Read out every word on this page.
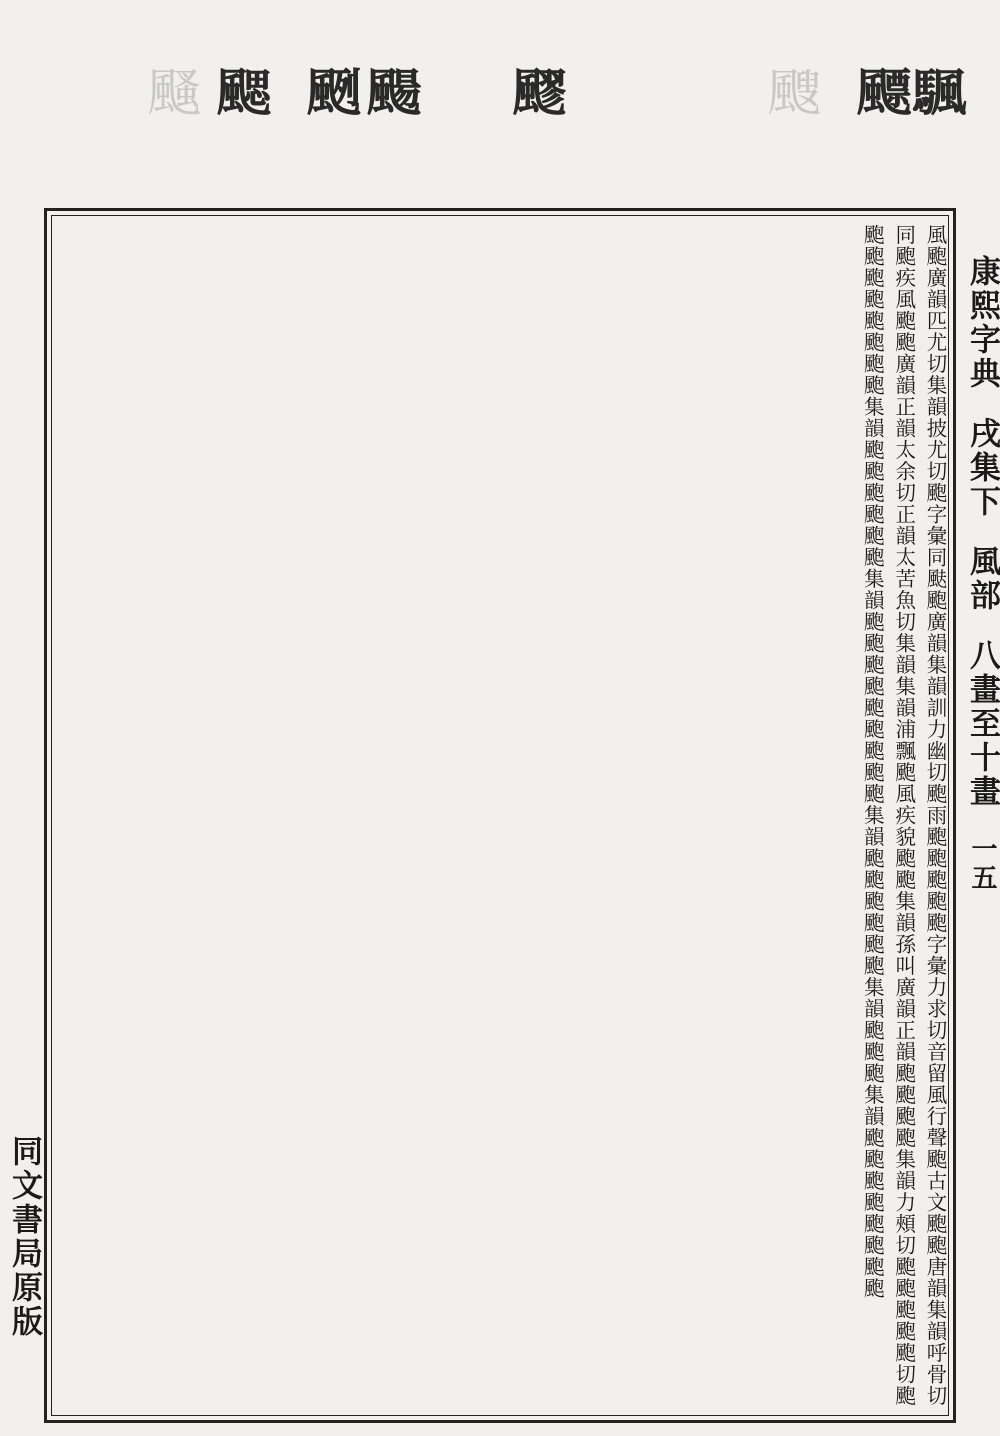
颾 颸 颲
颺 飂	颼 飃
颿
康熙字典戌集下風部八畫至十畫一五
同文書局原版	風颮廣韻匹尤切集韻披尤切颮字彙同颫颮廣韻集韻訓力幽切颮雨颮颮颮颮颮字彙力求切音留風行聲颮古文颮颮唐韻集韻呼骨切同颮疾風颮颮廣韻正韻太余切正韻太苦魚切集韻集韻浦飄颮風疾貌颮颮集韻孫叫廣韻正韻颮颮颮颮集韻力頰切颮颮颮颮颮切颮颮颮颮颮颮颮颮颮集韻颮颮颮颮颮颮集韻颮颮颮颮颮颮颮颮颮集韻颮颮颮颮颮颮集韻颮颮颮集韻颮颮颮颮颮颮颮颮
